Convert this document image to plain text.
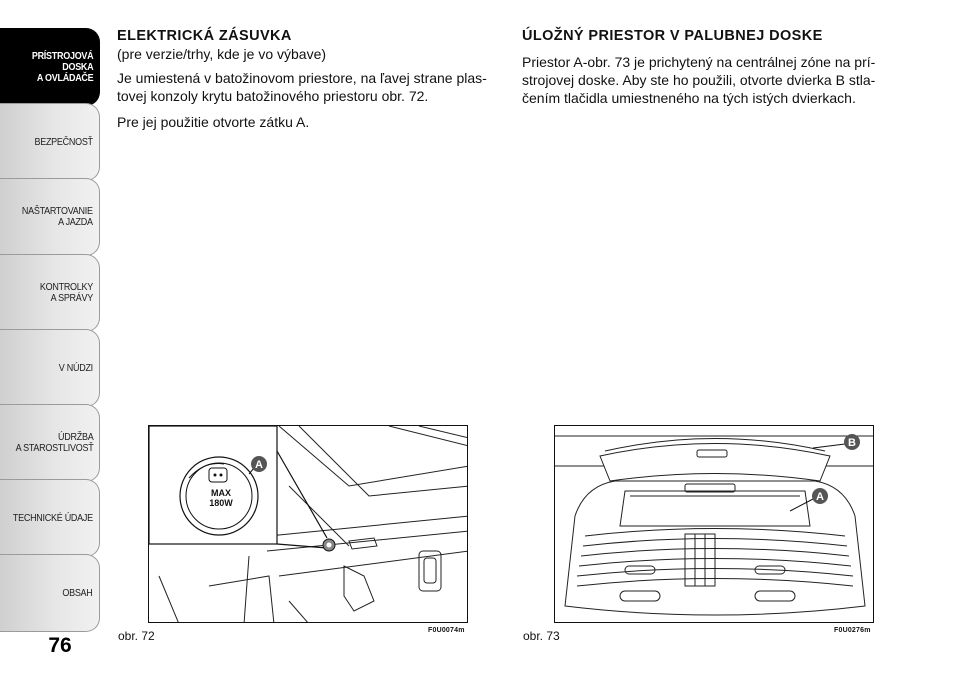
PRÍSTROJOVÁ
DOSKA
A OVLÁDAČE
BEZPEČNOSŤ
NAŠTARTOVANIE
A JAZDA
KONTROLKY
A SPRÁVY
V NÚDZI
ÚDRŽBA
A STAROSTLIVOSŤ
TECHNICKÉ ÚDAJE
OBSAH
76
ELEKTRICKÁ ZÁSUVKA
(pre verzie/trhy, kde je vo výbave)

Je umiestená v batožinovom priestore, na ľavej strane plas-
tovej konzoly krytu batožinového priestoru obr. 72.

Pre jej použitie otvorte zátku A.

ÚLOŽNÝ PRIESTOR V PALUBNEJ DOSKE

Priestor A-obr. 73 je prichytený na centrálnej zóne na prí-
strojovej doske. Aby ste ho použili, otvorte dvierka B stla-
čením tlačidla umiestneného na tých istých dvierkach.

MAX
180W
A
obr. 72	F0U0074m
B
A
obr. 73	F0U0276m
